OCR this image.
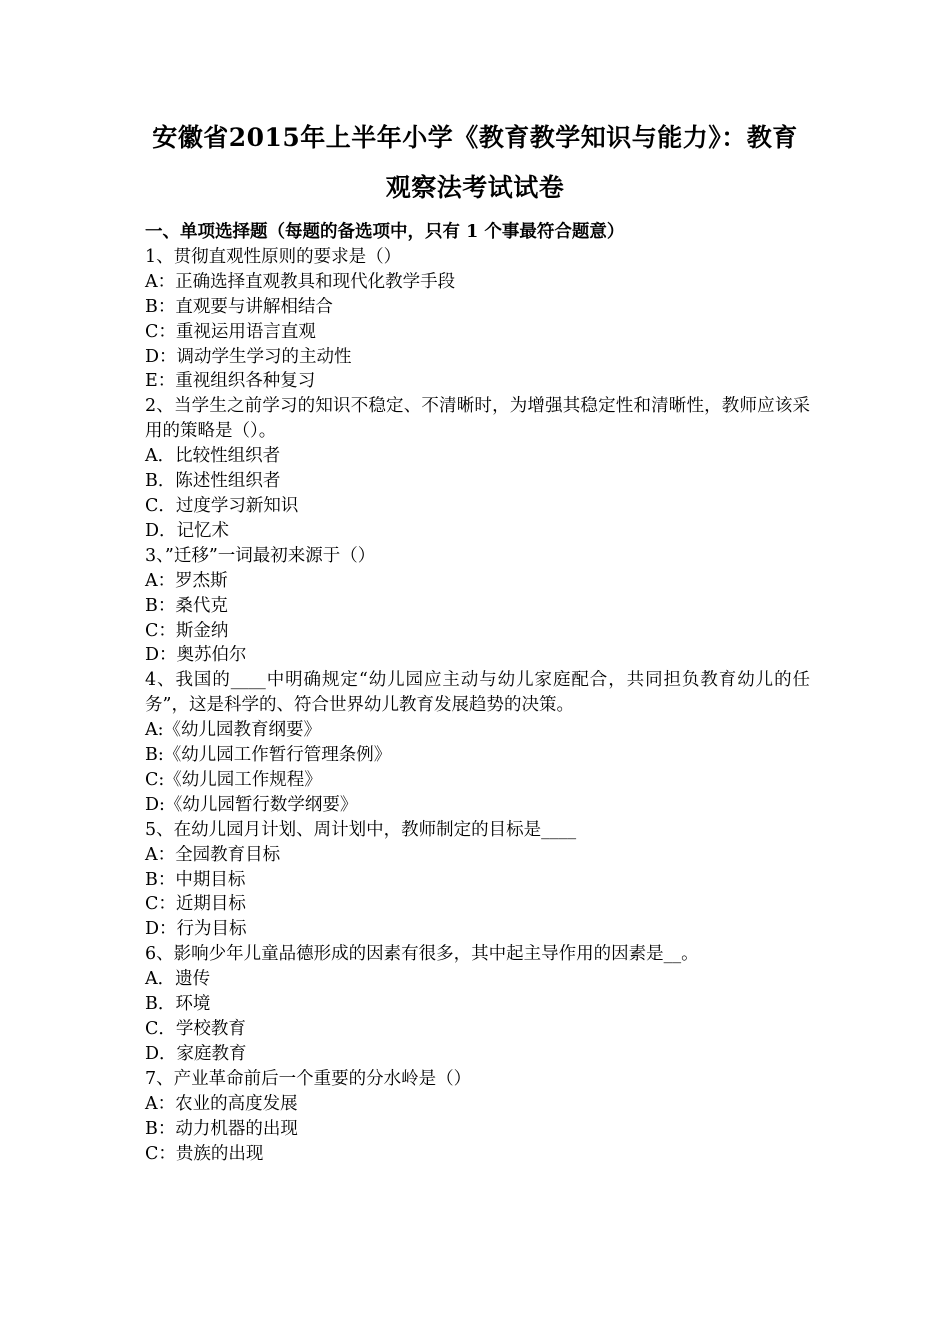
安徽省2015年上半年小学《教育教学知识与能力》：教育
观察法考试试卷
一、单项选择题（每题的备选项中，只有 1 个事最符合题意）
1、贯彻直观性原则的要求是（）
A：正确选择直观教具和现代化教学手段
B：直观要与讲解相结合
C：重视运用语言直观
D：调动学生学习的主动性
E：重视组织各种复习
2、当学生之前学习的知识不稳定、不清晰时，为增强其稳定性和清晰性，教师应该采用的策略是（）。
A．比较性组织者
B．陈述性组织者
C．过度学习新知识
D．记忆术
3、”迁移”一词最初来源于（）
A：罗杰斯
B：桑代克
C：斯金纳
D：奥苏伯尔
4、我国的____中明确规定“幼儿园应主动与幼儿家庭配合，共同担负教育幼儿的任务”，这是科学的、符合世界幼儿教育发展趋势的决策。
A:《幼儿园教育纲要》
B:《幼儿园工作暂行管理条例》
C:《幼儿园工作规程》
D:《幼儿园暂行数学纲要》
5、在幼儿园月计划、周计划中，教师制定的目标是____
A：全园教育目标
B：中期目标
C：近期目标
D：行为目标
6、影响少年儿童品德形成的因素有很多，其中起主导作用的因素是__。
A．遗传
B．环境
C．学校教育
D．家庭教育
7、产业革命前后一个重要的分水岭是（）
A：农业的高度发展
B：动力机器的出现
C：贵族的出现
